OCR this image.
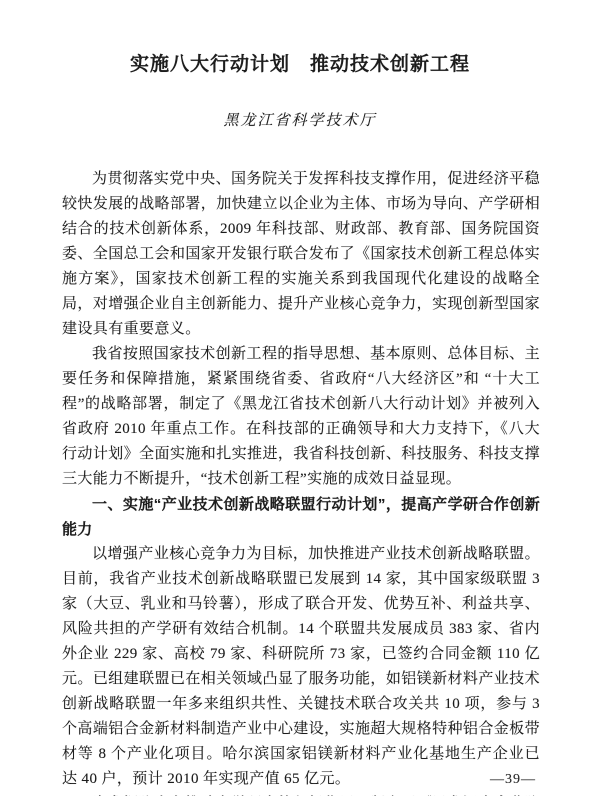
实施八大行动计划　推动技术创新工程
黑龙江省科学技术厅

为贯彻落实党中央、国务院关于发挥科技支撑作用，促进经济平稳较快发展的战略部署，加快建立以企业为主体、市场为导向、产学研相结合的技术创新体系，2009 年科技部、财政部、教育部、国务院国资委、全国总工会和国家开发银行联合发布了《国家技术创新工程总体实施方案》，国家技术创新工程的实施关系到我国现代化建设的战略全局，对增强企业自主创新能力、提升产业核心竞争力，实现创新型国家建设具有重要意义。

我省按照国家技术创新工程的指导思想、基本原则、总体目标、主要任务和保障措施，紧紧围绕省委、省政府“八大经济区”和 “十大工程”的战略部署，制定了《黑龙江省技术创新八大行动计划》并被列入省政府 2010 年重点工作。在科技部的正确领导和大力支持下，《八大行动计划》全面实施和扎实推进，我省科技创新、科技服务、科技支撑三大能力不断提升，“技术创新工程”实施的成效日益显现。

一、实施“产业技术创新战略联盟行动计划”，提高产学研合作创新能力

以增强产业核心竞争力为目标，加快推进产业技术创新战略联盟。目前，我省产业技术创新战略联盟已发展到 14 家，其中国家级联盟 3 家（大豆、乳业和马铃薯），形成了联合开发、优势互补、利益共享、风险共担的产学研有效结合机制。14 个联盟共发展成员 383 家、省内外企业 229 家、高校 79 家、科研院所 73 家，已签约合同金额 110 亿元。已组建联盟已在相关领域凸显了服务功能，如铝镁新材料产业技术创新战略联盟一年多来组织共性、关键技术联合攻关共 10 项，参与 3 个高端铝合金新材料制造产业中心建设，实施超大规格特种铝合金板带材等 8 个产业化项目。哈尔滨国家铝镁新材料产业化基地生产企业已达 40 户，预计 2010 年实现产值 65 亿元。	—39—
